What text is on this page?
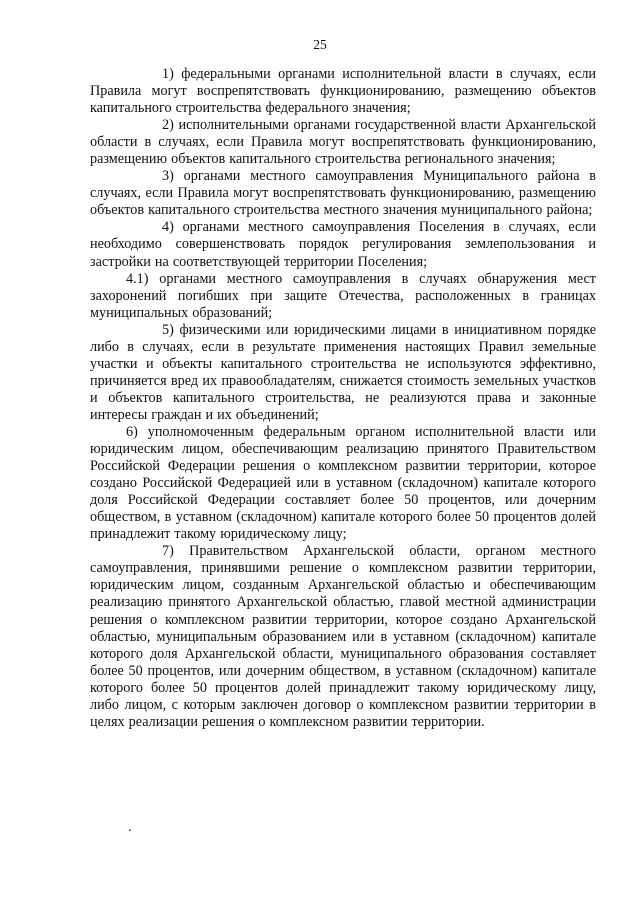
25

1) федеральными органами исполнительной власти в случаях, если Правила могут воспрепятствовать функционированию, размещению объектов капитального строительства федерального значения;

2) исполнительными органами государственной власти Архангельской области в случаях, если Правила могут воспрепятствовать функционированию, размещению объектов капитального строительства регионального значения;

3) органами местного самоуправления Муниципального района в случаях, если Правила могут воспрепятствовать функционированию, размещению объектов капитального строительства местного значения муниципального района;

4) органами местного самоуправления Поселения в случаях, если необходимо совершенствовать порядок регулирования землепользования и застройки на соответствующей территории Поселения;

4.1) органами местного самоуправления в случаях обнаружения мест захоронений погибших при защите Отечества, расположенных в границах муниципальных образований;

5) физическими или юридическими лицами в инициативном порядке либо в случаях, если в результате применения настоящих Правил земельные участки и объекты капитального строительства не используются эффективно, причиняется вред их правообладателям, снижается стоимость земельных участков и объектов капитального строительства, не реализуются права и законные интересы граждан и их объединений;

6) уполномоченным федеральным органом исполнительной власти или юридическим лицом, обеспечивающим реализацию принятого Правительством Российской Федерации решения о комплексном развитии территории, которое создано Российской Федерацией или в уставном (складочном) капитале которого доля Российской Федерации составляет более 50 процентов, или дочерним обществом, в уставном (складочном) капитале которого более 50 процентов долей принадлежит такому юридическому лицу;

7) Правительством Архангельской области, органом местного самоуправления, принявшими решение о комплексном развитии территории, юридическим лицом, созданным Архангельской областью и обеспечивающим реализацию принятого Архангельской областью, главой местной администрации решения о комплексном развитии территории, которое создано Архангельской областью, муниципальным образованием или в уставном (складочном) капитале которого доля Архангельской области, муниципального образования составляет более 50 процентов, или дочерним обществом, в уставном (складочном) капитале которого более 50 процентов долей принадлежит такому юридическому лицу, либо лицом, с которым заключен договор о комплексном развитии территории в целях реализации решения о комплексном развитии территории.

.
